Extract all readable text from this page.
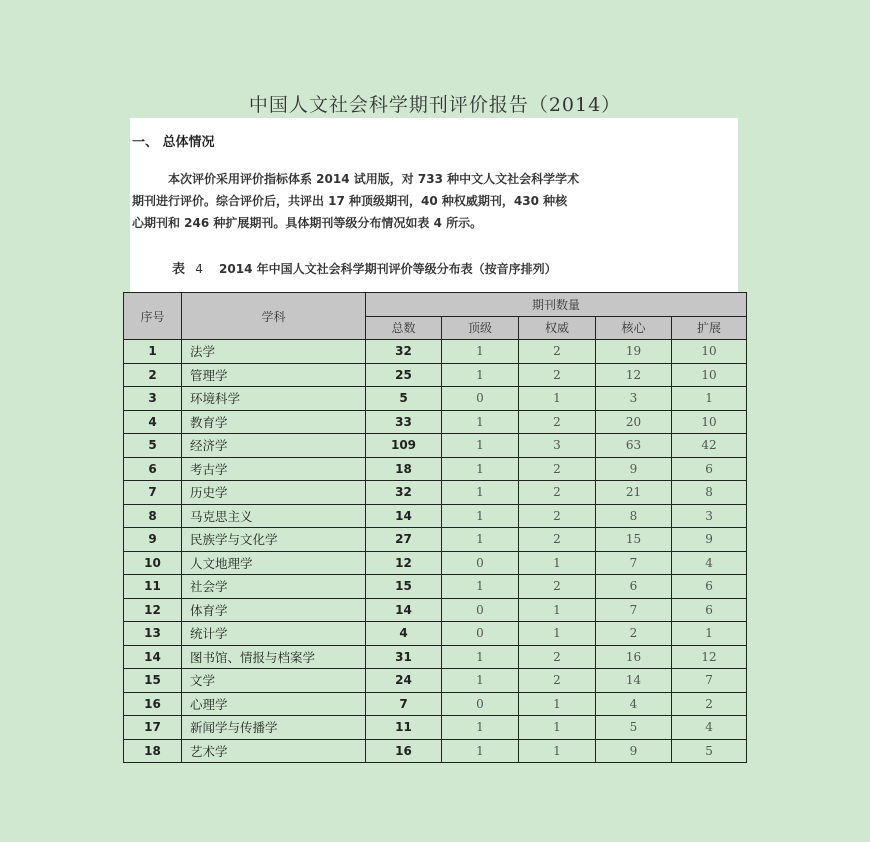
中国人文社会科学期刊评价报告（2014）
一、 总体情况
本次评价采用评价指标体系 2014 试用版，对 733 种中文人文社会科学学术
期刊进行评价。综合评价后，共评出 17 种顶级期刊，40 种权威期刊，430 种核
心期刊和 246 种扩展期刊。具体期刊等级分布情况如表 4 所示。
表 4 2014 年中国人文社会科学期刊评价等级分布表（按音序排列）
序号	学科	期刊数量				
		总数	顶级	权威	核心	扩展
1	法学	32	1	2	19	10
2	管理学	25	1	2	12	10
3	环境科学	5	0	1	3	1
4	教育学	33	1	2	20	10
5	经济学	109	1	3	63	42
6	考古学	18	1	2	9	6
7	历史学	32	1	2	21	8
8	马克思主义	14	1	2	8	3
9	民族学与文化学	27	1	2	15	9
10	人文地理学	12	0	1	7	4
11	社会学	15	1	2	6	6
12	体育学	14	0	1	7	6
13	统计学	4	0	1	2	1
14	图书馆、情报与档案学	31	1	2	16	12
15	文学	24	1	2	14	7
16	心理学	7	0	1	4	2
17	新闻学与传播学	11	1	1	5	4
18	艺术学	16	1	1	9	5
